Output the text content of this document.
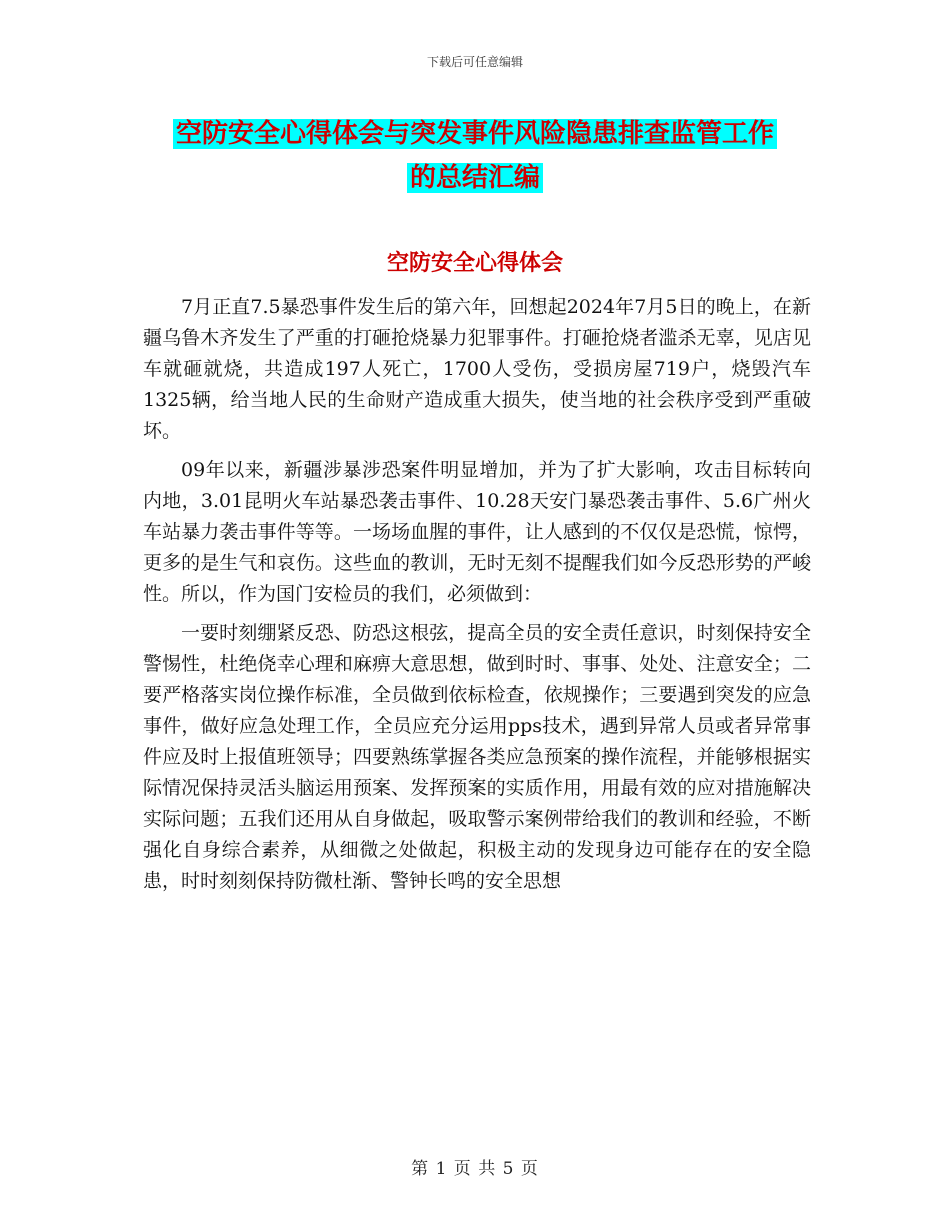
下载后可任意编辑
空防安全心得体会与突发事件风险隐患排查监管工作
的总结汇编
空防安全心得体会

7月正直7.5暴恐事件发生后的第六年，回想起2024年7月5日的晚上，在新疆乌鲁木齐发生了严重的打砸抢烧暴力犯罪事件。打砸抢烧者滥杀无辜，见店见车就砸就烧，共造成197人死亡，1700人受伤，受损房屋719户，烧毁汽车1325辆，给当地人民的生命财产造成重大损失，使当地的社会秩序受到严重破坏。

09年以来，新疆涉暴涉恐案件明显增加，并为了扩大影响，攻击目标转向内地，3.01昆明火车站暴恐袭击事件、10.28天安门暴恐袭击事件、5.6广州火车站暴力袭击事件等等。一场场血腥的事件，让人感到的不仅仅是恐慌，惊愕，更多的是生气和哀伤。这些血的教训，无时无刻不提醒我们如今反恐形势的严峻性。所以，作为国门安检员的我们，必须做到：

一要时刻绷紧反恐、防恐这根弦，提高全员的安全责任意识，时刻保持安全警惕性，杜绝侥幸心理和麻痹大意思想，做到时时、事事、处处、注意安全；二要严格落实岗位操作标准，全员做到依标检查，依规操作；三要遇到突发的应急事件，做好应急处理工作，全员应充分运用pps技术，遇到异常人员或者异常事件应及时上报值班领导；四要熟练掌握各类应急预案的操作流程，并能够根据实际情况保持灵活头脑运用预案、发挥预案的实质作用，用最有效的应对措施解决实际问题；五我们还用从自身做起，吸取警示案例带给我们的教训和经验，不断强化自身综合素养，从细微之处做起，积极主动的发现身边可能存在的安全隐患，时时刻刻保持防微杜渐、警钟长鸣的安全思想

第 1 页 共 5 页
